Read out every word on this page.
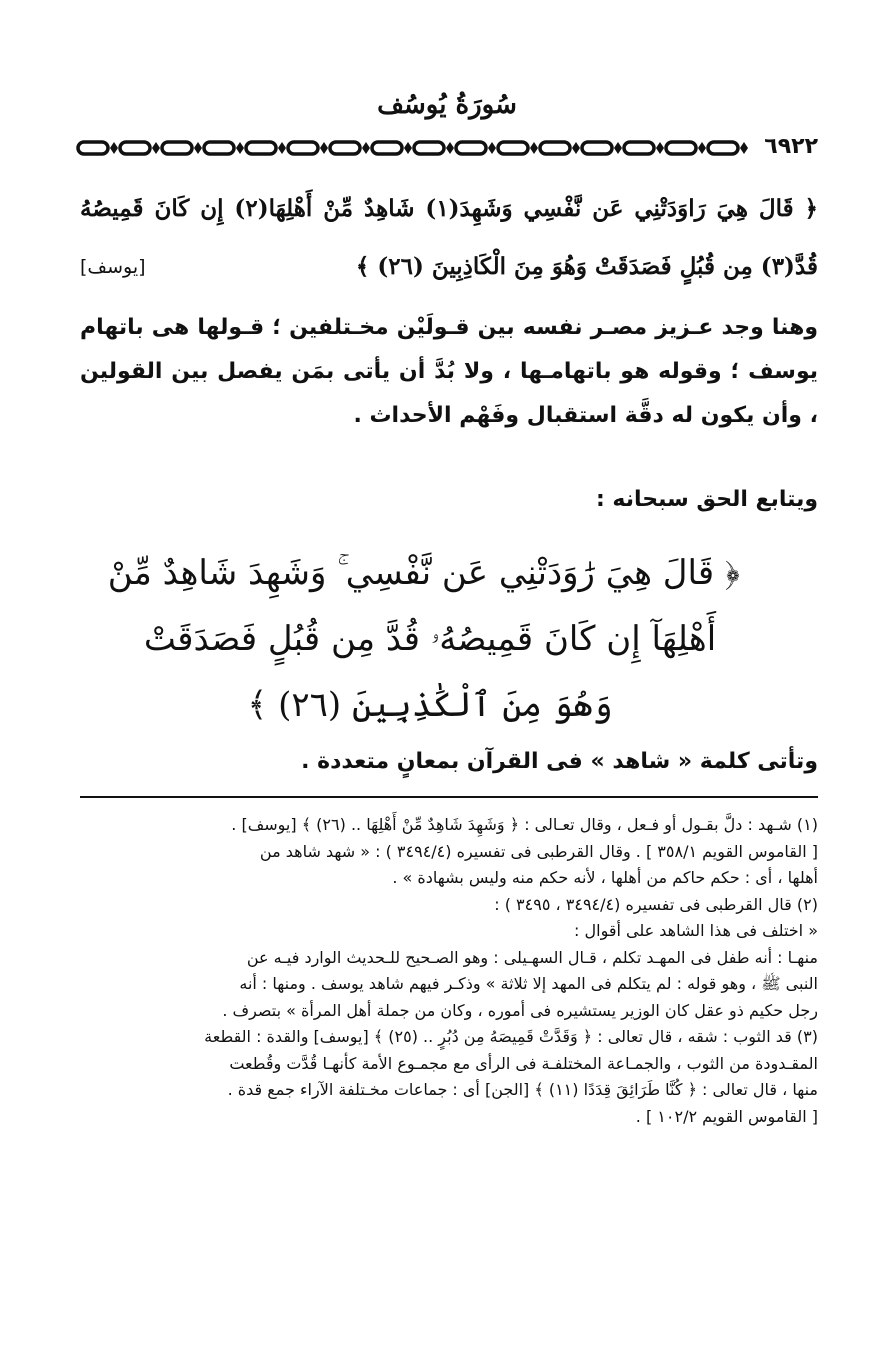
سُورَةُ يُوسُف
٦٩٢٢
﴿ قَالَ هِيَ رَاوَدَتْنِي عَن نَّفْسِي وَشَهِدَ(١) شَاهِدٌ مِّنْ أَهْلِهَا(٢) إِن كَانَ قَمِيصُهُ
قُدَّ(٣) مِن قُبُلٍ فَصَدَقَتْ وَهُوَ مِنَ الْكَاذِبِينَ (٢٦) ﴾
[يوسف]

وهنا وجد عـزيز مصـر نفسه بين قـولَيْن مخـتلفين ؛ قـولها هى باتهام يوسف ؛ وقوله هو باتهامـها ، ولا بُدَّ أن يأتى بمَن يفصل بين القولين ، وأن يكون له دقَّة استقبال وفَهْم الأحداث .

ويتابع الحق سبحانه :
﴿ قَالَ هِيَ رَٰوَدَتْنِي عَن نَّفْسِي ۚ وَشَهِدَ شَاهِدٌ مِّنْ
أَهْلِهَآ إِن كَانَ قَمِيصُهُۥ قُدَّ مِن قُبُلٍ فَصَدَقَتْ
وَهُوَ مِنَ ٱلْكَٰذِبِينَ (٢٦) ﴾
وتأتى كلمة « شاهد » فى القرآن بمعانٍ متعددة .

(١) شـهد : دلَّ بقـول أو فـعل ، وقال تعـالى : ﴿ وَشَهِدَ شَاهِدٌ مِّنْ أَهْلِهَا .. (٢٦) ﴾ [يوسف] .

[ القاموس القويم ٣٥٨/١ ] . وقال القرطبى فى تفسيره (٣٤٩٤/٤ ) : « شهد شاهد من

أهلها ، أى : حكم حاكم من أهلها ، لأنه حكم منه وليس بشهادة » .

(٢) قال القرطبى فى تفسيره (٣٤٩٤/٤ ، ٣٤٩٥ ) :

« اختلف فى هذا الشاهد على أقوال :

منهـا : أنه طفل فى المهـد تكلم ، قـال السهـيلى : وهو الصـحيح للـحديث الوارد فيـه عن

النبى ﷺ ، وهو قوله : لم يتكلم فى المهد إلا ثلاثة » وذكـر فيهم شاهد يوسف . ومنها : أنه

رجل حكيم ذو عقل كان الوزير يستشيره فى أموره ، وكان من جملة أهل المرأة » بتصرف .

(٣) قد الثوب : شقه ، قال تعالى : ﴿ وَقَدَّتْ قَمِيصَهُ مِن دُبُرٍ .. (٢٥) ﴾ [يوسف] والقدة : القطعة

المقـدودة من الثوب ، والجمـاعة المختلفـة فى الرأى مع مجمـوع الأمة كأنهـا قُدَّت وقُطعت

منها ، قال تعالى : ﴿ كُنَّا طَرَائِقَ قِدَدًا (١١) ﴾ [الجن] أى : جماعات مخـتلفة الآراء جمع قدة .

[ القاموس القويم ١٠٢/٢ ] .
